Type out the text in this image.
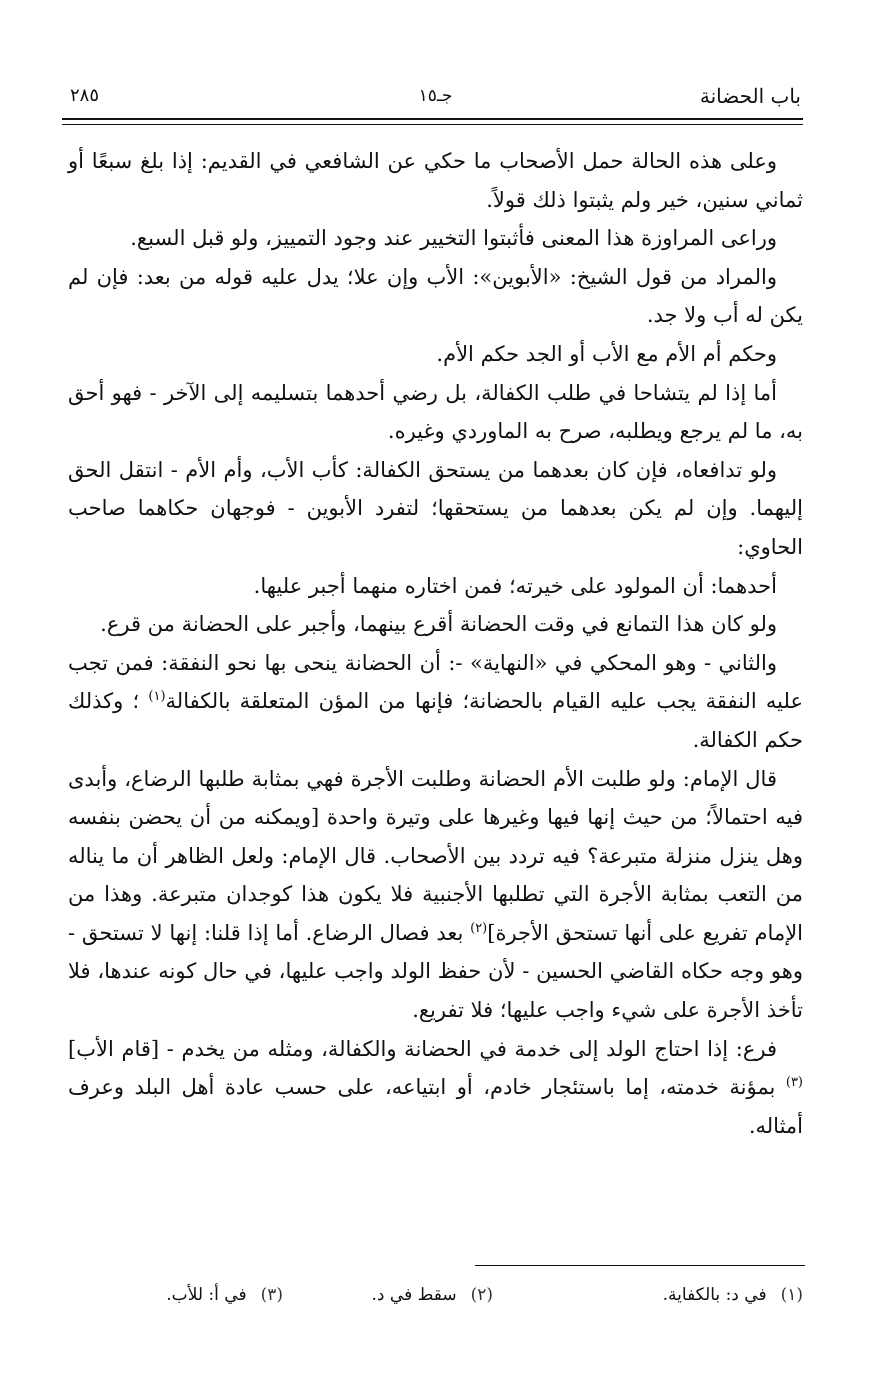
باب الحضانة
جـ١٥
٢٨٥

وعلى هذه الحالة حمل الأصحاب ما حكي عن الشافعي في القديم: إذا بلغ سبعًا أو ثماني سنين، خير ولم يثبتوا ذلك قولاً.

وراعى المراوزة هذا المعنى فأثبتوا التخيير عند وجود التمييز، ولو قبل السبع.

والمراد من قول الشيخ: «الأبوين»: الأب وإن علا؛ يدل عليه قوله من بعد: فإن لم يكن له أب ولا جد.

وحكم أم الأم مع الأب أو الجد حكم الأم.

أما إذا لم يتشاحا في طلب الكفالة، بل رضي أحدهما بتسليمه إلى الآخر - فهو أحق به، ما لم يرجع ويطلبه، صرح به الماوردي وغيره.

ولو تدافعاه، فإن كان بعدهما من يستحق الكفالة: كأب الأب، وأم الأم - انتقل الحق إليهما. وإن لم يكن بعدهما من يستحقها؛ لتفرد الأبوين - فوجهان حكاهما صاحب الحاوي:

أحدهما: أن المولود على خيرته؛ فمن اختاره منهما أجبر عليها.

ولو كان هذا التمانع في وقت الحضانة أقرع بينهما، وأجبر على الحضانة من قرع.

والثاني - وهو المحكي في «النهاية» -: أن الحضانة ينحى بها نحو النفقة: فمن تجب عليه النفقة يجب عليه القيام بالحضانة؛ فإنها من المؤن المتعلقة بالكفالة$^{(١)}$ ؛ وكذلك حكم الكفالة.

قال الإمام: ولو طلبت الأم الحضانة وطلبت الأجرة فهي بمثابة طلبها الرضاع، وأبدى فيه احتمالاً؛ من حيث إنها فيها وغيرها على وتيرة واحدة [ويمكنه من أن يحضن بنفسه وهل ينزل منزلة متبرعة؟ فيه تردد بين الأصحاب. قال الإمام: ولعل الظاهر أن ما يناله من التعب بمثابة الأجرة التي تطلبها الأجنبية فلا يكون هذا كوجدان متبرعة. وهذا من الإمام تفريع على أنها تستحق الأجرة]$^{(٢)}$ بعد فصال الرضاع. أما إذا قلنا: إنها لا تستحق - وهو وجه حكاه القاضي الحسين - لأن حفظ الولد واجب عليها، في حال كونه عندها، فلا تأخذ الأجرة على شيء واجب عليها؛ فلا تفريع.

فرع: إذا احتاج الولد إلى خدمة في الحضانة والكفالة، ومثله من يخدم - [قام الأب]$^{(٣)}$ بمؤنة خدمته، إما باستئجار خادم، أو ابتياعه، على حسب عادة أهل البلد وعرف أمثاله.

(١)في د: بالكفاية.
(٢)سقط في د.
(٣)في أ: للأب.
